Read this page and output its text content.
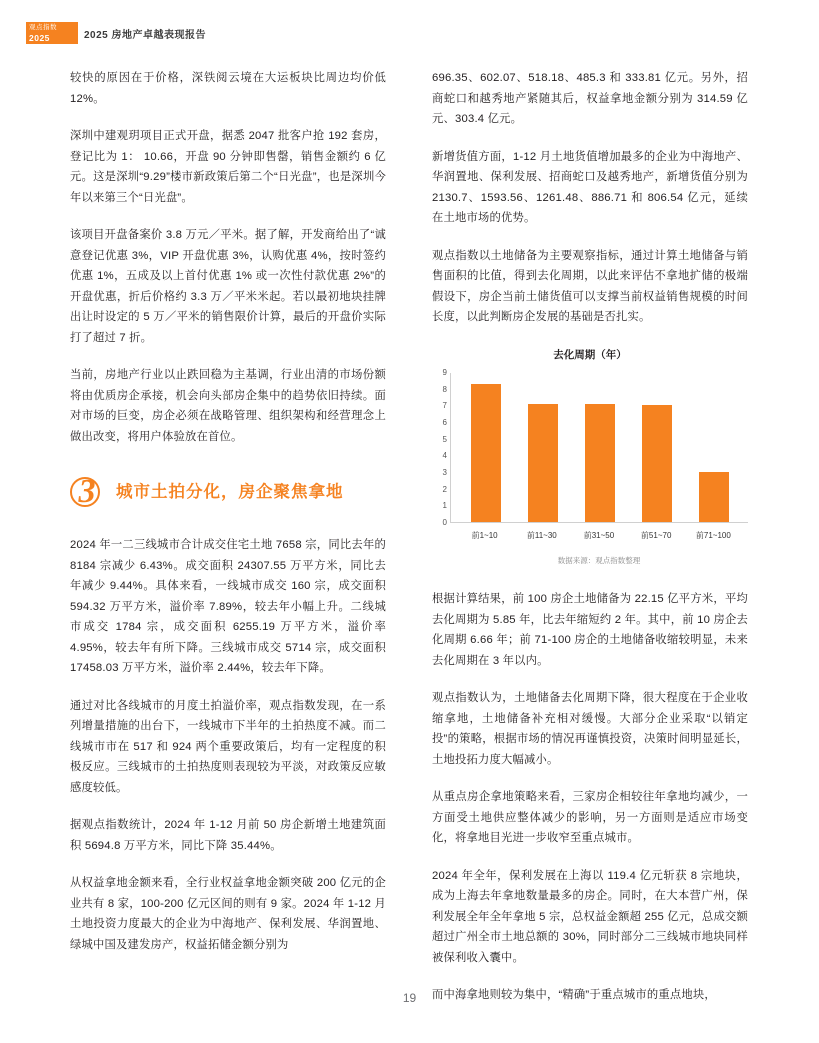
观点指数
2025	2025 房地产卓越表现报告

较快的原因在于价格，深铁阅云境在大运板块比周边均价低 12%。

深圳中建观玥项目正式开盘，据悉 2047 批客户抢 192 套房，登记比为 1： 10.66，开盘 90 分钟即售罄，销售金额约 6 亿元。这是深圳“9.29”楼市新政策后第二个“日光盘”，也是深圳今年以来第三个“日光盘”。

该项目开盘备案价 3.8 万元／平米。据了解，开发商给出了“诚意登记优惠 3%，VIP 开盘优惠 3%，认购优惠 4%，按时签约优惠 1%，五成及以上首付优惠 1% 或一次性付款优惠 2%”的开盘优惠，折后价格约 3.3 万／平米米起。若以最初地块挂牌出让时设定的 5 万／平米的销售限价计算，最后的开盘价实际打了超过 7 折。

当前，房地产行业以止跌回稳为主基调，行业出清的市场份额将由优质房企承接，机会向头部房企集中的趋势依旧持续。面对市场的巨变，房企必须在战略管理、组织架构和经营理念上做出改变，将用户体验放在首位。

3	城市土拍分化，房企聚焦拿地

2024 年一二三线城市合计成交住宅土地 7658 宗，同比去年的 8184 宗减少 6.43%。成交面积 24307.55 万平方米，同比去年减少 9.44%。具体来看，一线城市成交 160 宗，成交面积 594.32 万平方米，溢价率 7.89%，较去年小幅上升。二线城市成交 1784 宗，成交面积 6255.19 万平方米，溢价率 4.95%，较去年有所下降。三线城市成交 5714 宗，成交面积 17458.03 万平方米，溢价率 2.44%，较去年下降。

通过对比各线城市的月度土拍溢价率，观点指数发现，在一系列增量措施的出台下，一线城市下半年的土拍热度不减。而二线城市市在 517 和 924 两个重要政策后，均有一定程度的积极反应。三线城市的土拍热度则表现较为平淡，对政策反应敏感度较低。

据观点指数统计，2024 年 1-12 月前 50 房企新增土地建筑面积 5694.8 万平方米，同比下降 35.44%。

从权益拿地金额来看，全行业权益拿地金额突破 200 亿元的企业共有 8 家，100-200 亿元区间的则有 9 家。2024 年 1-12 月土地投资力度最大的企业为中海地产、保利发展、华润置地、绿城中国及建发房产，权益拓储金额分别为

696.35、602.07、518.18、485.3 和 333.81 亿元。另外，招商蛇口和越秀地产紧随其后，权益拿地金额分别为 314.59 亿元、303.4 亿元。

新增货值方面，1-12 月土地货值增加最多的企业为中海地产、华润置地、保利发展、招商蛇口及越秀地产，新增货值分别为 2130.7、1593.56、1261.48、886.71 和 806.54 亿元，延续在土地市场的优势。

观点指数以土地储备为主要观察指标，通过计算土地储备与销售面积的比值，得到去化周期，以此来评估不拿地扩储的极端假设下，房企当前土储货值可以支撑当前权益销售规模的时间长度，以此判断房企发展的基础是否扎实。

去化周期（年）
0
1
2
3
4
5
6
7
8
9
前1~10	前11~30	前31~50	前51~70	前71~100
数据来源：观点指数整理

根据计算结果，前 100 房企土地储备为 22.15 亿平方米，平均去化周期为 5.85 年，比去年缩短约 2 年。其中，前 10 房企去化周期 6.66 年；前 71-100 房企的土地储备收缩较明显，未来去化周期在 3 年以内。

观点指数认为，土地储备去化周期下降，很大程度在于企业收缩拿地，土地储备补充相对缓慢。大部分企业采取“以销定投”的策略，根据市场的情况再谨慎投资，决策时间明显延长，土地投拓力度大幅减小。

从重点房企拿地策略来看，三家房企相较往年拿地均减少，一方面受土地供应整体减少的影响，另一方面则是适应市场变化，将拿地目光进一步收窄至重点城市。

2024 年全年，保利发展在上海以 119.4 亿元斩获 8 宗地块，成为上海去年拿地数量最多的房企。同时，在大本营广州，保利发展全年全年拿地 5 宗，总权益金额超 255 亿元，总成交额超过广州全市土地总额的 30%，同时部分二三线城市地块同样被保利收入囊中。

而中海拿地则较为集中，“精确”于重点城市的重点地块，

19
